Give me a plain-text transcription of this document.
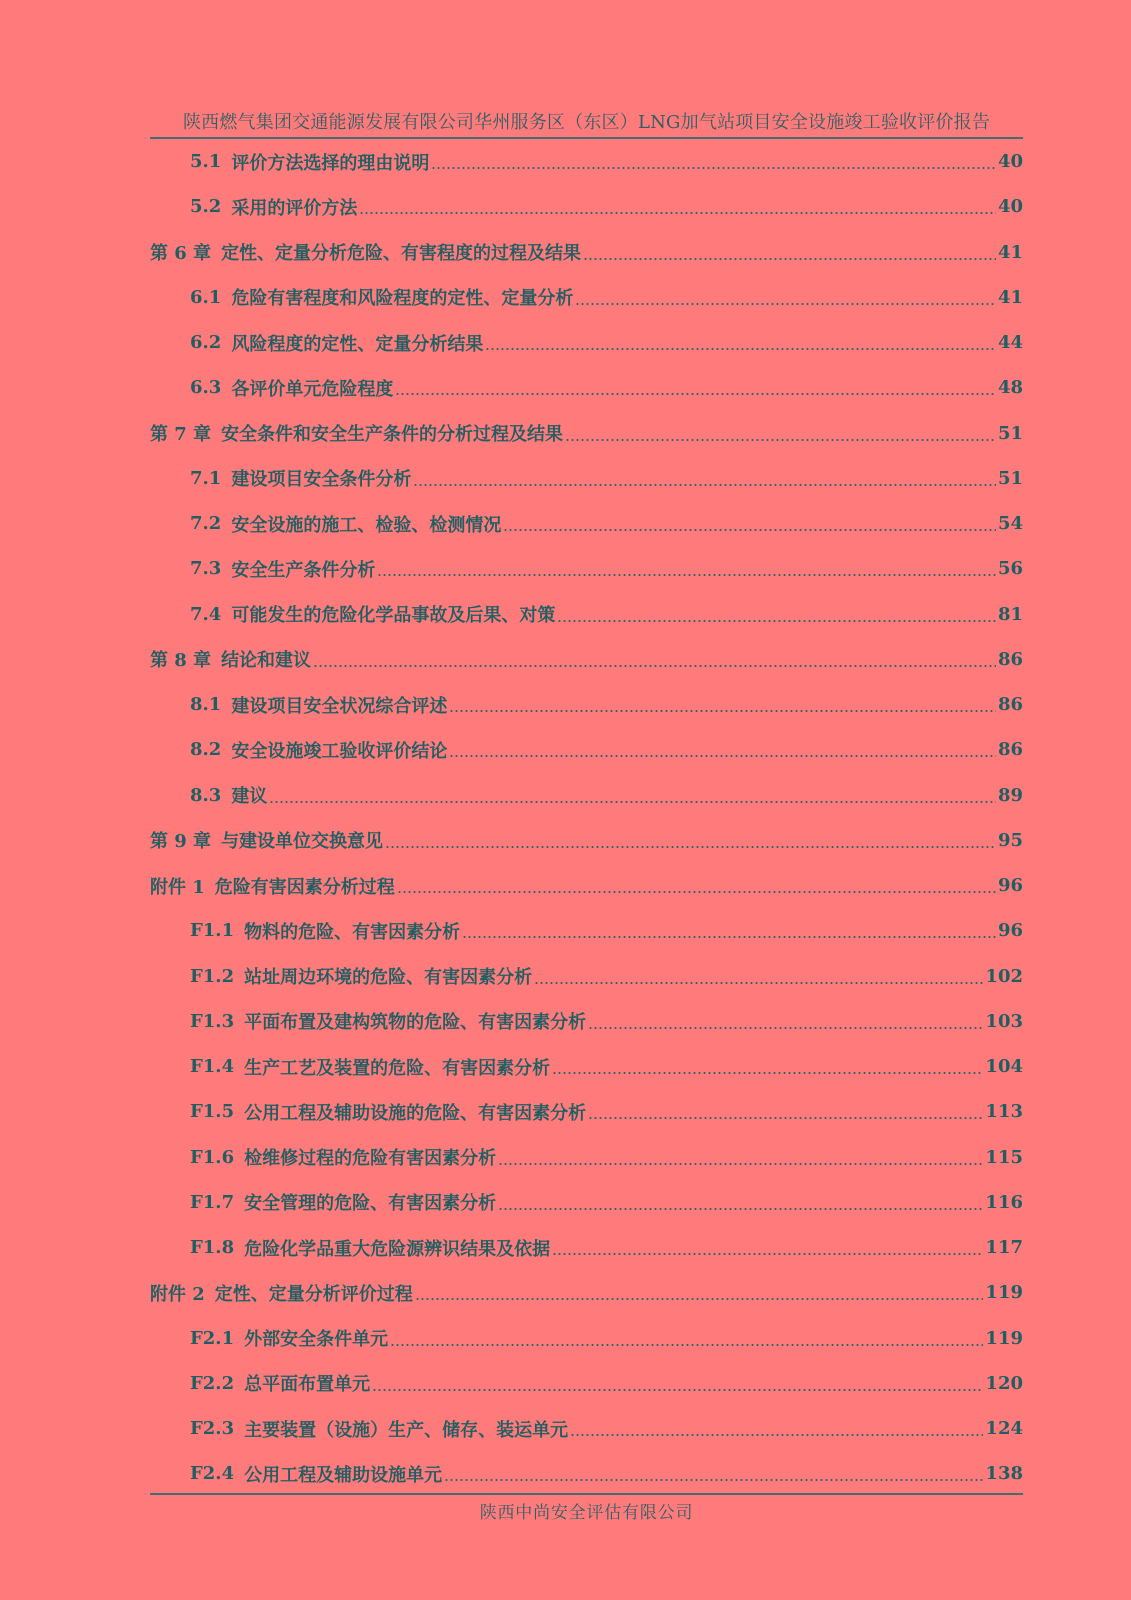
陕西燃气集团交通能源发展有限公司华州服务区（东区）LNG加气站项目安全设施竣工验收评价报告
5.1 评价方法选择的理由说明	40
5.2 采用的评价方法	40
第 6 章 定性、定量分析危险、有害程度的过程及结果	41
6.1 危险有害程度和风险程度的定性、定量分析	41
6.2 风险程度的定性、定量分析结果	44
6.3 各评价单元危险程度	48
第 7 章 安全条件和安全生产条件的分析过程及结果	51
7.1 建设项目安全条件分析	51
7.2 安全设施的施工、检验、检测情况	54
7.3 安全生产条件分析	56
7.4 可能发生的危险化学品事故及后果、对策	81
第 8 章 结论和建议	86
8.1 建设项目安全状况综合评述	86
8.2 安全设施竣工验收评价结论	86
8.3 建议	89
第 9 章 与建设单位交换意见	95
附件 1 危险有害因素分析过程	96
F1.1 物料的危险、有害因素分析	96
F1.2 站址周边环境的危险、有害因素分析	102
F1.3 平面布置及建构筑物的危险、有害因素分析	103
F1.4 生产工艺及装置的危险、有害因素分析	104
F1.5 公用工程及辅助设施的危险、有害因素分析	113
F1.6 检维修过程的危险有害因素分析	115
F1.7 安全管理的危险、有害因素分析	116
F1.8 危险化学品重大危险源辨识结果及依据	117
附件 2 定性、定量分析评价过程	119
F2.1 外部安全条件单元	119
F2.2 总平面布置单元	120
F2.3 主要装置（设施）生产、储存、装运单元	124
F2.4 公用工程及辅助设施单元	138
陕西中尚安全评估有限公司
